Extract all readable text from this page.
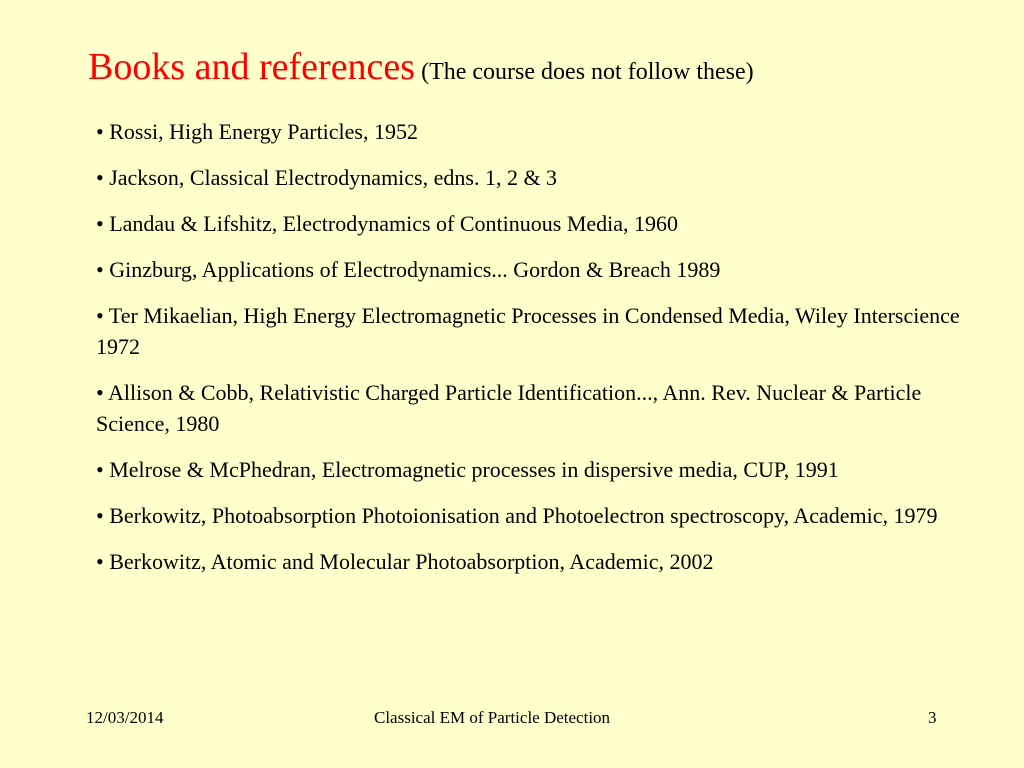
Books and references (The course does not follow these)
• Rossi, High Energy Particles, 1952
• Jackson, Classical Electrodynamics, edns. 1, 2 & 3
• Landau & Lifshitz, Electrodynamics of Continuous Media, 1960
• Ginzburg, Applications of Electrodynamics... Gordon & Breach 1989
• Ter Mikaelian, High Energy Electromagnetic Processes in Condensed Media, Wiley Interscience 1972
• Allison & Cobb, Relativistic Charged Particle Identification..., Ann. Rev. Nuclear & Particle Science, 1980
• Melrose & McPhedran, Electromagnetic processes in dispersive media, CUP, 1991
• Berkowitz, Photoabsorption Photoionisation and Photoelectron spectroscopy, Academic, 1979
• Berkowitz, Atomic and Molecular Photoabsorption, Academic, 2002
12/03/2014	Classical EM of Particle Detection	3
